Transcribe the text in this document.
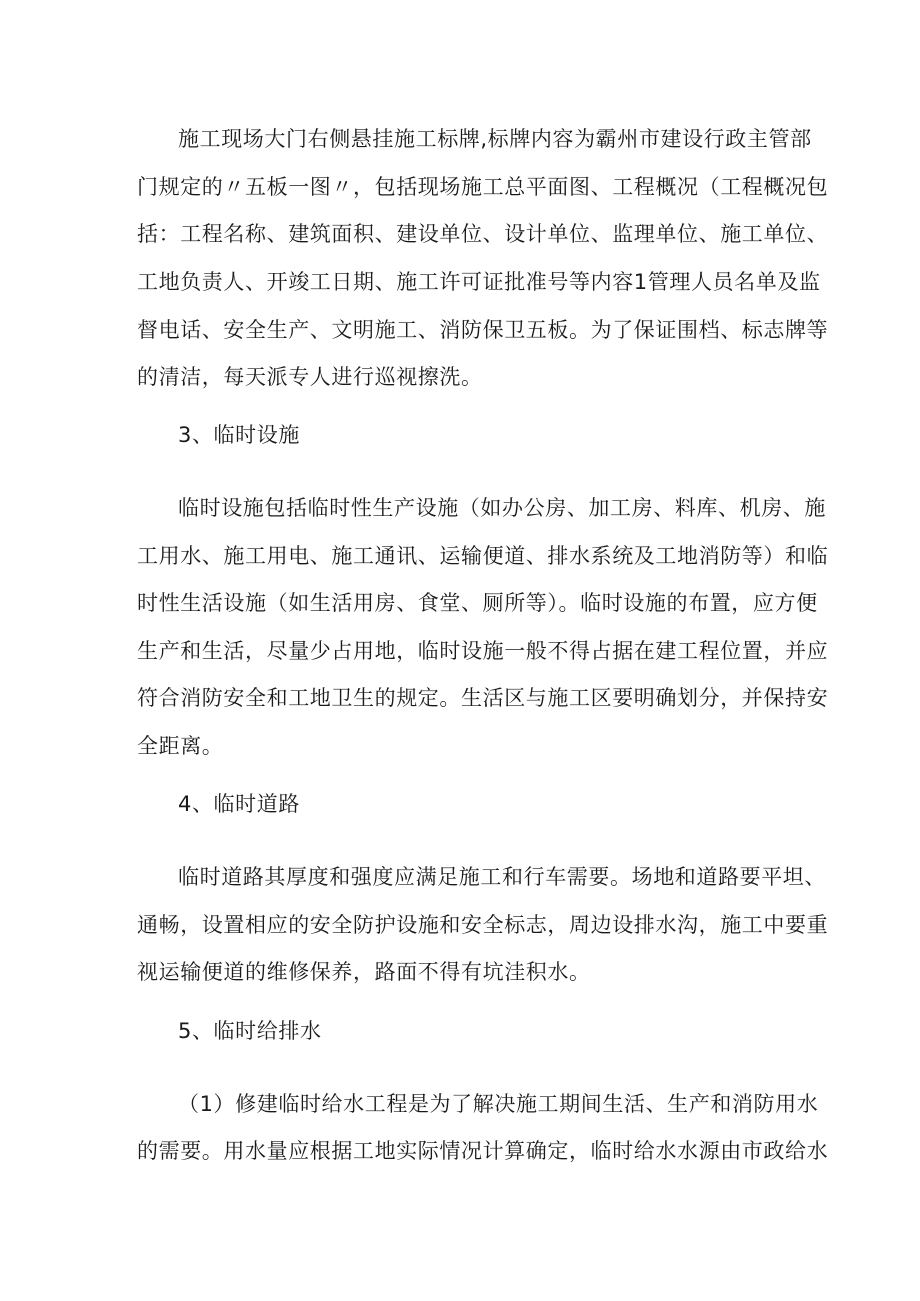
施工现场大门右侧悬挂施工标牌,标牌内容为霸州市建设行政主管部
门规定的〃五板一图〃，包括现场施工总平面图、工程概况（工程概况包
括：工程名称、建筑面积、建设单位、设计单位、监理单位、施工单位、
工地负责人、开竣工日期、施工许可证批准号等内容1管理人员名单及监
督电话、安全生产、文明施工、消防保卫五板。为了保证围档、标志牌等
的清洁，每天派专人进行巡视擦洗。
3、临时设施
临时设施包括临时性生产设施（如办公房、加工房、料库、机房、施
工用水、施工用电、施工通讯、运输便道、排水系统及工地消防等）和临
时性生活设施（如生活用房、食堂、厕所等）。临时设施的布置，应方便
生产和生活，尽量少占用地，临时设施一般不得占据在建工程位置，并应
符合消防安全和工地卫生的规定。生活区与施工区要明确划分，并保持安
全距离。
4、临时道路
临时道路其厚度和强度应满足施工和行车需要。场地和道路要平坦、
通畅，设置相应的安全防护设施和安全标志，周边设排水沟，施工中要重
视运输便道的维修保养，路面不得有坑洼积水。
5、临时给排水
（1）修建临时给水工程是为了解决施工期间生活、生产和消防用水
的需要。用水量应根据工地实际情况计算确定，临时给水水源由市政给水
